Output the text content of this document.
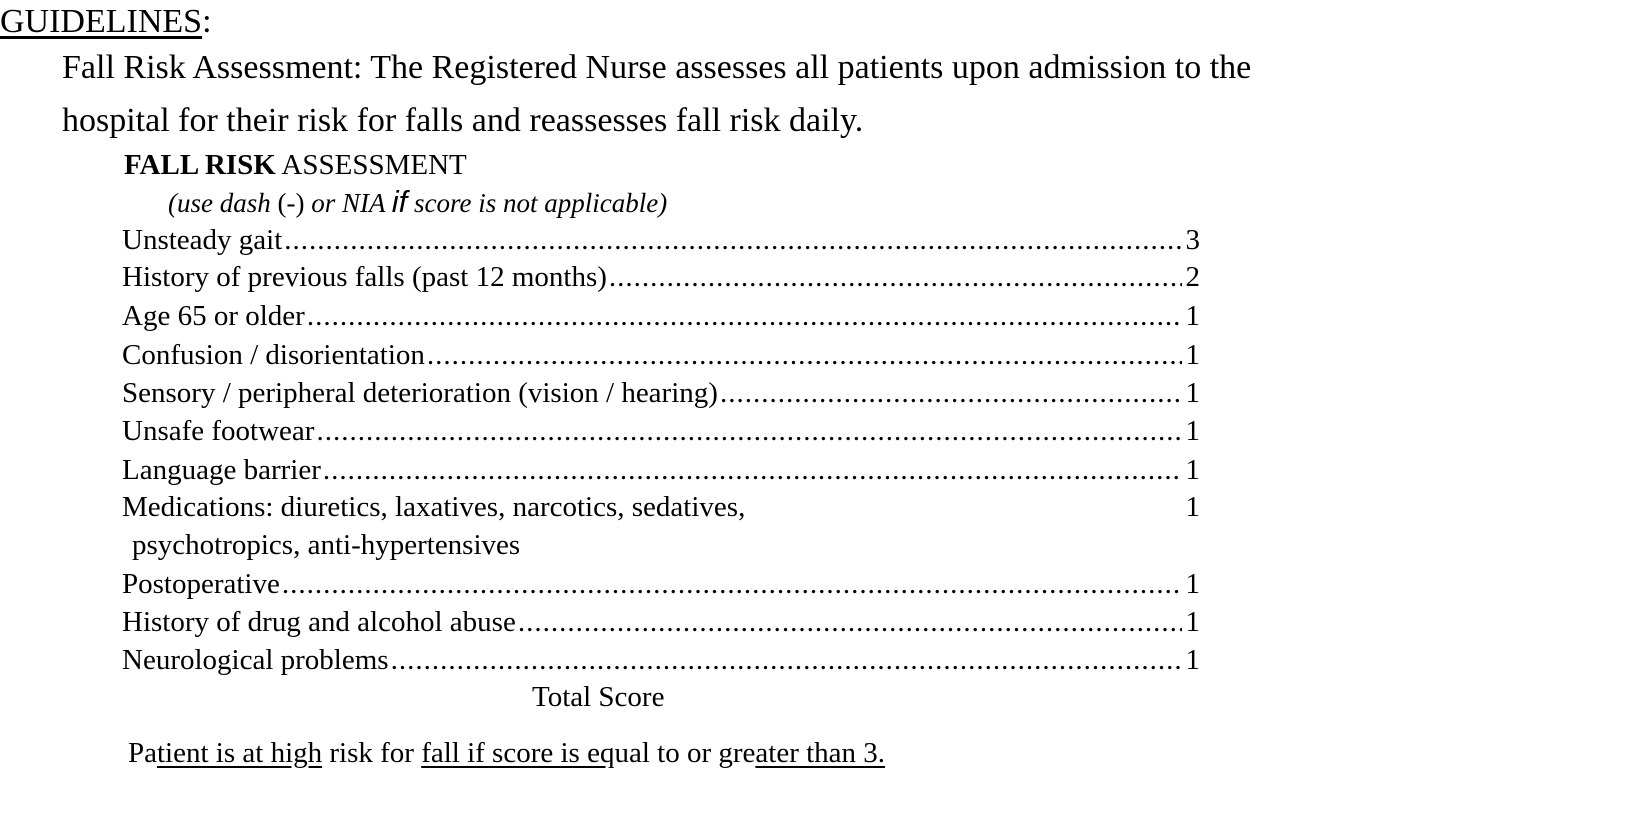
GUIDELINES:
Fall Risk Assessment: The Registered Nurse assesses all patients upon admission to the
hospital for their risk for falls and reassesses fall risk daily.
FALL RISK ASSESSMENT
(use dash (-) or NIA if score is not applicable)
Unsteady gait .....	3
History of previous falls (past 12 months) .....	2
Age 65 or older .....	1
Confusion / disorientation .....	1
Sensory / peripheral deterioration (vision / hearing) .....	1
Unsafe footwear .....	1
Language barrier .....	1
Medications: diuretics, laxatives, narcotics, sedatives,	1
psychotropics, anti-hypertensives
Postoperative .....	1
History of drug and alcohol abuse .....	1
Neurological problems .....	1
Total Score
Patient is at high risk for fall if score is equal to or greater than 3.
